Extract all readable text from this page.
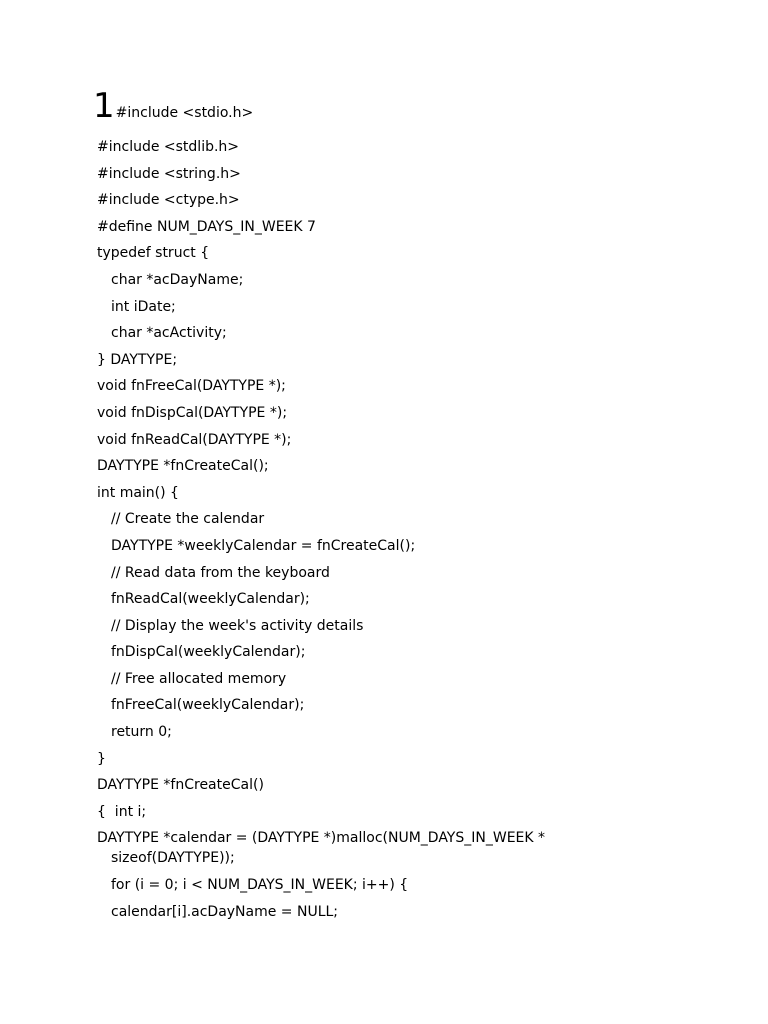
1 #include <stdio.h>
#include <stdlib.h>
#include <string.h>
#include <ctype.h>
#define NUM_DAYS_IN_WEEK 7
typedef struct {
char *acDayName;
int iDate;
char *acActivity;
} DAYTYPE;
void fnFreeCal(DAYTYPE *);
void fnDispCal(DAYTYPE *);
void fnReadCal(DAYTYPE *);
DAYTYPE *fnCreateCal();
int main() {
// Create the calendar
DAYTYPE *weeklyCalendar = fnCreateCal();
// Read data from the keyboard
fnReadCal(weeklyCalendar);
// Display the week's activity details
fnDispCal(weeklyCalendar);
// Free allocated memory
fnFreeCal(weeklyCalendar);
return 0;
}
DAYTYPE *fnCreateCal()
{  int i;
DAYTYPE *calendar = (DAYTYPE *)malloc(NUM_DAYS_IN_WEEK * sizeof(DAYTYPE));
for (i = 0; i < NUM_DAYS_IN_WEEK; i++) {
calendar[i].acDayName = NULL;
